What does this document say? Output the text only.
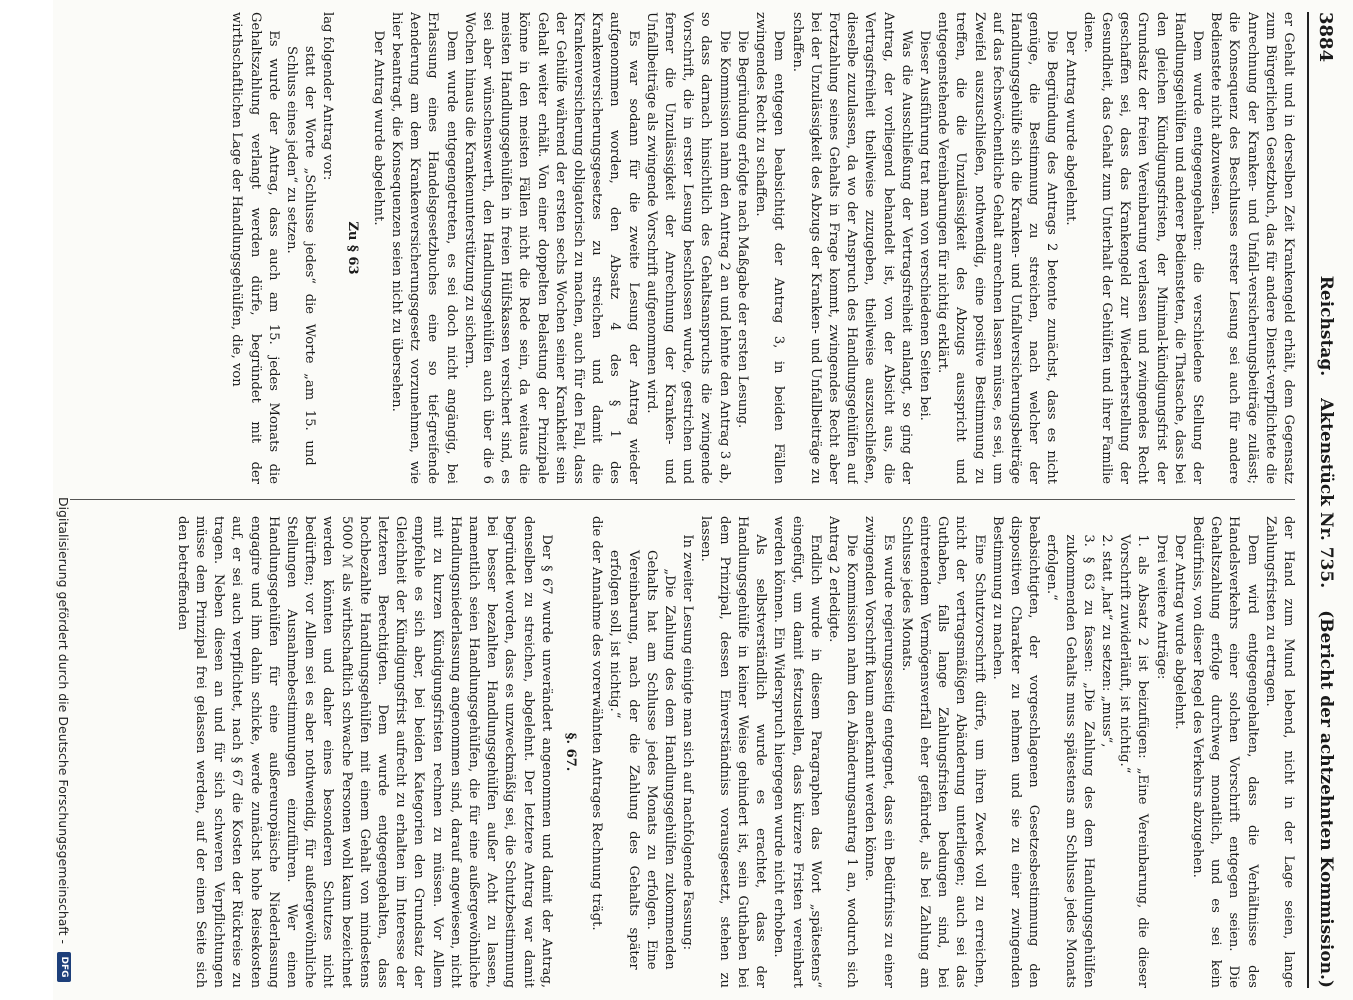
3884
Reichstag.
Aktenstück Nr. 735.
(Bericht der achtzehnten Kommission.)

er Gehalt und in derselben Zeit Krankengeld erhält, dem Gegensatz zum Bürgerlichen Gesetzbuch, das für andere Dienst-verpflichtete die Anrechnung der Kranken- und Unfall-versicherungsbeiträge zulässt; die Konsequenz des Beschlusses erster Lesung sei auch für andere Bedienstete nicht abzuweisen.

Dem wurde entgegengehalten: die verschiedene Stellung der Handlungsgehülfen und anderer Bediensteten, die Thatsache, dass bei den gleichen Kündigungsfristen, der Minimal-kündigungsfrist der Grundsatz der freien Vereinbarung verlassen und zwingendes Recht geschaffen sei, dass das Krankengeld zur Wiederherstellung der Gesundheit, das Gehalt zum Unterhalt der Gehülfen und ihrer Familie diene.

Der Antrag wurde abgelehnt.

Die Begründung des Antrags 2 betonte zunächst, dass es nicht genüge, die Bestimmung zu streichen, nach welcher der Handlungsgehülfe sich die Kranken- und Unfallversicherungsbeiträge auf das fechswöchentliche Gehalt anrechnen lassen müsse, es sei, um Zweifel auszuschließen, nothwendig, eine positive Bestimmung zu treffen, die die Unzulässigkeit des Abzugs ausspricht und entgegenstehende Vereinbarungen für nichtig erklärt.

Dieser Ausführung trat man von verschiedenen Seiten bei.

Was die Ausschließung der Vertragsfreiheit anlangt, so ging der Antrag, der vorliegend behandelt ist, von der Absicht aus, die Vertragsfreiheit theilweise zuzugeben, theilweise auszuschließen, dieselbe zuzulassen, da wo der Anspruch des Handlungsgehülfen auf Fortzahlung seines Gehalts in Frage kommt, zwingendes Recht aber bei der Unzulässigkeit des Abzugs der Kranken- und Unfallbeiträge zu schaffen.

Dem entgegen beabsichtigt der Antrag 3, in beiden Fällen zwingendes Recht zu schaffen.

Die Begründung erfolgte nach Maßgabe der ersten Lesung.

Die Kommission nahm den Antrag 2 an und lehnte den Antrag 3 ab, so dass darnach hinsichtlich des Gehaltsanspruchs die zwingende Vorschrift, die in erster Lesung beschlossen wurde, gestrichen und ferner die Unzulässigkeit der Anrechnung der Kranken- und Unfallbeiträge als zwingende Vorschrift aufgenommen wird.

Es war sodann für die zweite Lesung der Antrag wieder aufgenommen worden, den Absatz 4 des § 1 des Krankenversicherungsgesetzes zu streichen und damit die Krankenversicherung obligatorisch zu machen, auch für den Fall, dass der Gehülfe während der ersten sechs Wochen seiner Krankheit sein Gehalt weiter erhält. Von einer doppelten Belastung der Prinzipale könne in den meisten Fällen nicht die Rede sein, da weitaus die meisten Handlungsgehülfen in freien Hülfskassen versichert sind, es sei aber wünschenswerth, den Handlungsgehülfen auch über die 6 Wochen hinaus die Krankenunterstützung zu sichern.

Dem wurde entgegengetreten, es sei doch nicht angängig, bei Erlassung eines Handelsgesetzbuches eine so tief-greifende Aenderung am dem Krankenversicherungsgesetz vorzunehmen, wie hier beantragt, die Konsequenzen seien nicht zu übersehen.

Der Antrag wurde abgelehnt.

Zu § 63

lag folgender Antrag vor:

statt der Worte „Schlusse jedes“ die Worte „am 15. und Schluss eines jeden“ zu setzen.

Es wurde der Antrag, dass auch am 15. jedes Monats die Gehaltszahlung verlangt werden dürfe, begründet mit der wirthschaftlichen Lage der Handlungsgehülfen, die, von

der Hand zum Mund lebend, nicht in der Lage seien, lange Zahlungsfristen zu ertragen.

Dem wird entgegengehalten, dass die Verhältnisse des Handelsverkehrs einer solchen Vorschrift entgegen seien. Die Gehaltszahlung erfolge durchweg monatlich, und es sei kein Bedürfniss, von dieser Regel des Verkehrs abzugehen.

Der Antrag wurde abgelehnt.

Drei weitere Anträge:

1. als Absatz 2 ist beizufügen: „Eine Vereinbarung, die dieser Vorschrift zuwiderläuft, ist nichtig.“

2. statt „hat“ zu setzen: „muss“,

3. § 63 zu fassen: „Die Zahlung des dem Handlungsgehülfen zukommenden Gehalts muss spätestens am Schlusse jedes Monats erfolgen.“

beabsichtigten, der vorgeschlagenen Gesetzesbestimmung den dispositiven Charakter zu nehmen und sie zu einer zwingenden Bestimmung zu machen.

Eine Schutzvorschrift dürfe, um ihren Zweck voll zu erreichen, nicht der vertragsmäßigen Abänderung unterliegen; auch sei das Guthaben, falls lange Zahlungsfristen bedungen sind, bei eintretendem Vermögensverfall eher gefährdet, als bei Zahlung am Schlusse jedes Monats.

Es wurde regierungsseitig entgegnet, dass ein Bedürfniss zu einer zwingenden Vorschrift kaum anerkannt werden könne.

Die Kommission nahm den Abänderungsantrag 1 an, wodurch sich Antrag 2 erledigte.

Endlich wurde in diesem Paragraphen das Wort „spätestens“ eingefügt, um damit festzustellen, dass kürzere Fristen vereinbart werden können. Ein Widerspruch hiergegen wurde nicht erhoben.

Als selbstverständlich wurde es erachtet, dass der Handlungsgehülfe in keiner Weise gehindert ist, sein Guthaben bei dem Prinzipal, dessen Einverständniss vorausgesetzt, stehen zu lassen.

In zweiter Lesung einigte man sich auf nachfolgende Fassung:

„Die Zahlung des dem Handlungsgehülfen zukommenden Gehalts hat am Schlusse jedes Monats zu erfolgen. Eine Vereinbarung, nach der die Zahlung des Gehalts später erfolgen soll, ist nichtig.“

die der Annahme des vorerwähnten Antrages Rechnung trägt.

§. 67.

Der § 67 wurde unverändert angenommen und damit der Antrag, denselben zu streichen, abgelehnt. Der letztere Antrag war damit begründet worden, dass es unzweckmäßig sei, die Schutzbestimmung bei besser bezahlten Handlungsgehülfen außer Acht zu lassen, namentlich seien Handlungsgehülfen, die für eine außergewöhnliche Handlungsniederlassung angenommen sind, darauf angewiesen, nicht mit zu kurzen Kündigungsfristen rechnen zu müssen. Vor Allem empfehle es sich aber, bei beiden Kategorien den Grundsatz der Gleichheit der Kündigungsfrist aufrecht zu erhalten im Interesse der letzteren Berechtigten. Dem wurde entgegengehalten, dass hochbezahlte Handlungsgehülfen mit einem Gehalt von mindestens 5000 ℳ als wirthschaftlich schwache Personen wohl kaum bezeichnet werden könnten und daher eines besonderen Schutzes nicht bedürften; vor Allem sei es aber nothwendig, für außergewöhnliche Stellungen Ausnahmebestimmungen einzuführen. Wer einen Handlungsgehülfen für eine außereuropäische Niederlassung engagire und ihm dahin schicke, werde zunächst hohe Reisekosten auf, er sei auch verpflichtet, nach § 67 die Kosten der Rückreise zu tragen. Neben diesen an und für sich schweren Verpflichtungen müsse dem Prinzipal frei gelassen werden, auf der einen Seite sich den betreffenden

Digitalisierung gefördert durch die Deutsche Forschungsgemeinschaft -
DFG
